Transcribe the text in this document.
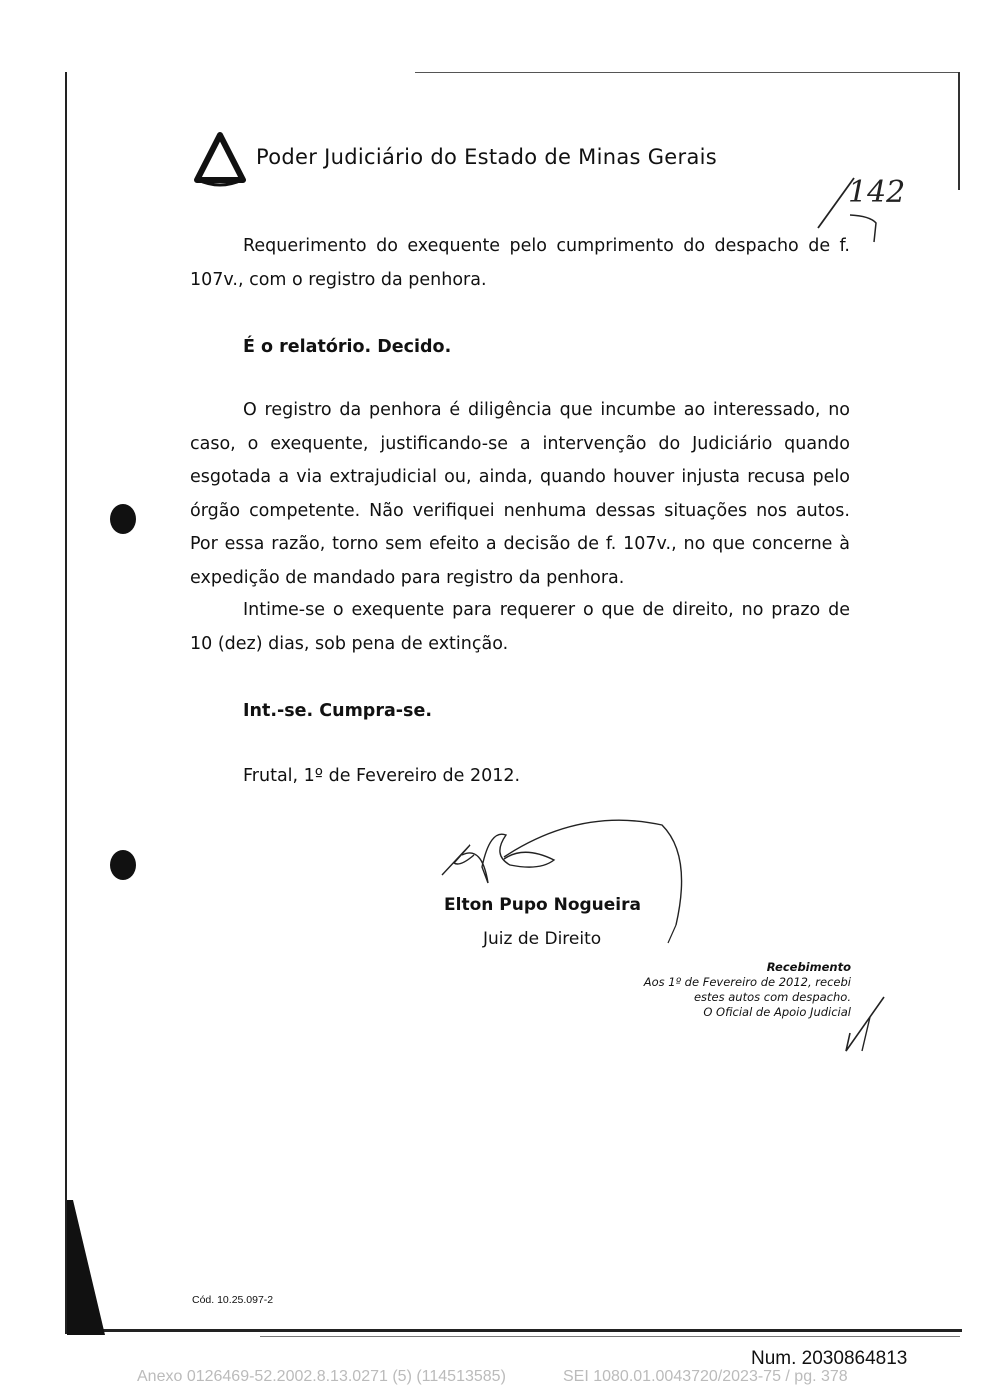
Poder Judiciário do Estado de Minas Gerais
142
Requerimento do exequente pelo cumprimento do despacho de f. 107v., com o registro da penhora.
É o relatório. Decido.
O registro da penhora é diligência que incumbe ao interessado, no caso, o exequente, justificando-se a intervenção do Judiciário quando esgotada a via extrajudicial ou, ainda, quando houver injusta recusa pelo órgão competente. Não verifiquei nenhuma dessas situações nos autos. Por essa razão, torno sem efeito a decisão de f. 107v., no que concerne à expedição de mandado para registro da penhora.
Intime-se o exequente para requerer o que de direito, no prazo de 10 (dez) dias, sob pena de extinção.
Int.-se. Cumpra-se.
Frutal, 1º de Fevereiro de 2012.
Elton Pupo Nogueira
Juiz de Direito
Recebimento
Aos 1º de Fevereiro de 2012, recebi
estes autos com despacho.
O Oficial de Apoio Judicial
Cód. 10.25.097-2
Num. 2030864813
Anexo 0126469-52.2002.8.13.0271 (5) (114513585)	SEI 1080.01.0043720/2023-75 / pg. 378
